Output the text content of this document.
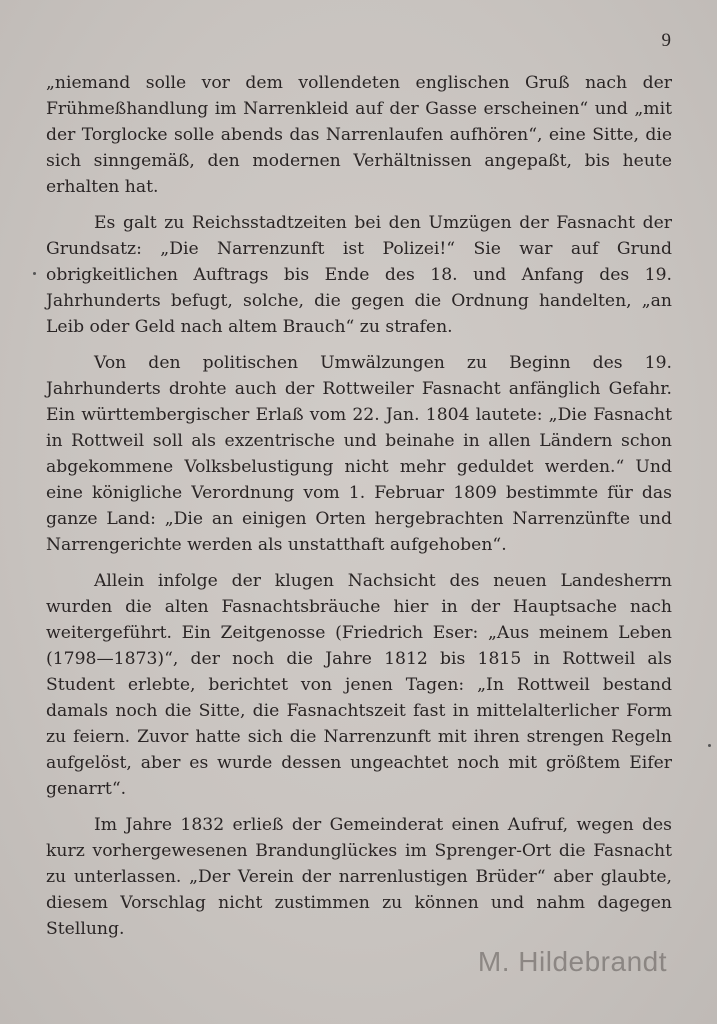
9

„niemand solle vor dem vollendeten englischen Gruß nach der Frühmeßhandlung im Narrenkleid auf der Gasse erscheinen“ und „mit der Torglocke solle abends das Narrenlaufen aufhören“, eine Sitte, die sich sinngemäß, den modernen Verhältnissen angepaßt, bis heute erhalten hat.

Es galt zu Reichsstadtzeiten bei den Umzügen der Fasnacht der Grundsatz: „Die Narrenzunft ist Polizei!“ Sie war auf Grund obrigkeitlichen Auftrags bis Ende des 18. und Anfang des 19. Jahrhunderts befugt, solche, die gegen die Ordnung handelten, „an Leib oder Geld nach altem Brauch“ zu strafen.

Von den politischen Umwälzungen zu Beginn des 19. Jahrhunderts drohte auch der Rottweiler Fasnacht anfänglich Gefahr. Ein württembergischer Erlaß vom 22. Jan. 1804 lautete: „Die Fasnacht in Rottweil soll als exzentrische und beinahe in allen Ländern schon abgekommene Volksbelustigung nicht mehr geduldet werden.“ Und eine königliche Verordnung vom 1. Februar 1809 bestimmte für das ganze Land: „Die an einigen Orten hergebrachten Narrenzünfte und Narrengerichte werden als unstatthaft aufgehoben“.

Allein infolge der klugen Nachsicht des neuen Landesherrn wurden die alten Fasnachtsbräuche hier in der Hauptsache nach weitergeführt. Ein Zeitgenosse (Friedrich Eser: „Aus meinem Leben (1798—1873)“, der noch die Jahre 1812 bis 1815 in Rottweil als Student erlebte, berichtet von jenen Tagen: „In Rottweil bestand damals noch die Sitte, die Fasnachtszeit fast in mittelalterlicher Form zu feiern. Zuvor hatte sich die Narrenzunft mit ihren strengen Regeln aufgelöst, aber es wurde dessen ungeachtet noch mit größtem Eifer genarrt“.

Im Jahre 1832 erließ der Gemeinderat einen Aufruf, wegen des kurz vorhergewesenen Brandunglückes im Sprenger-Ort die Fasnacht zu unterlassen. „Der Verein der narrenlustigen Brüder“ aber glaubte, diesem Vorschlag nicht zustimmen zu können und nahm dagegen Stellung.

M. Hildebrandt
